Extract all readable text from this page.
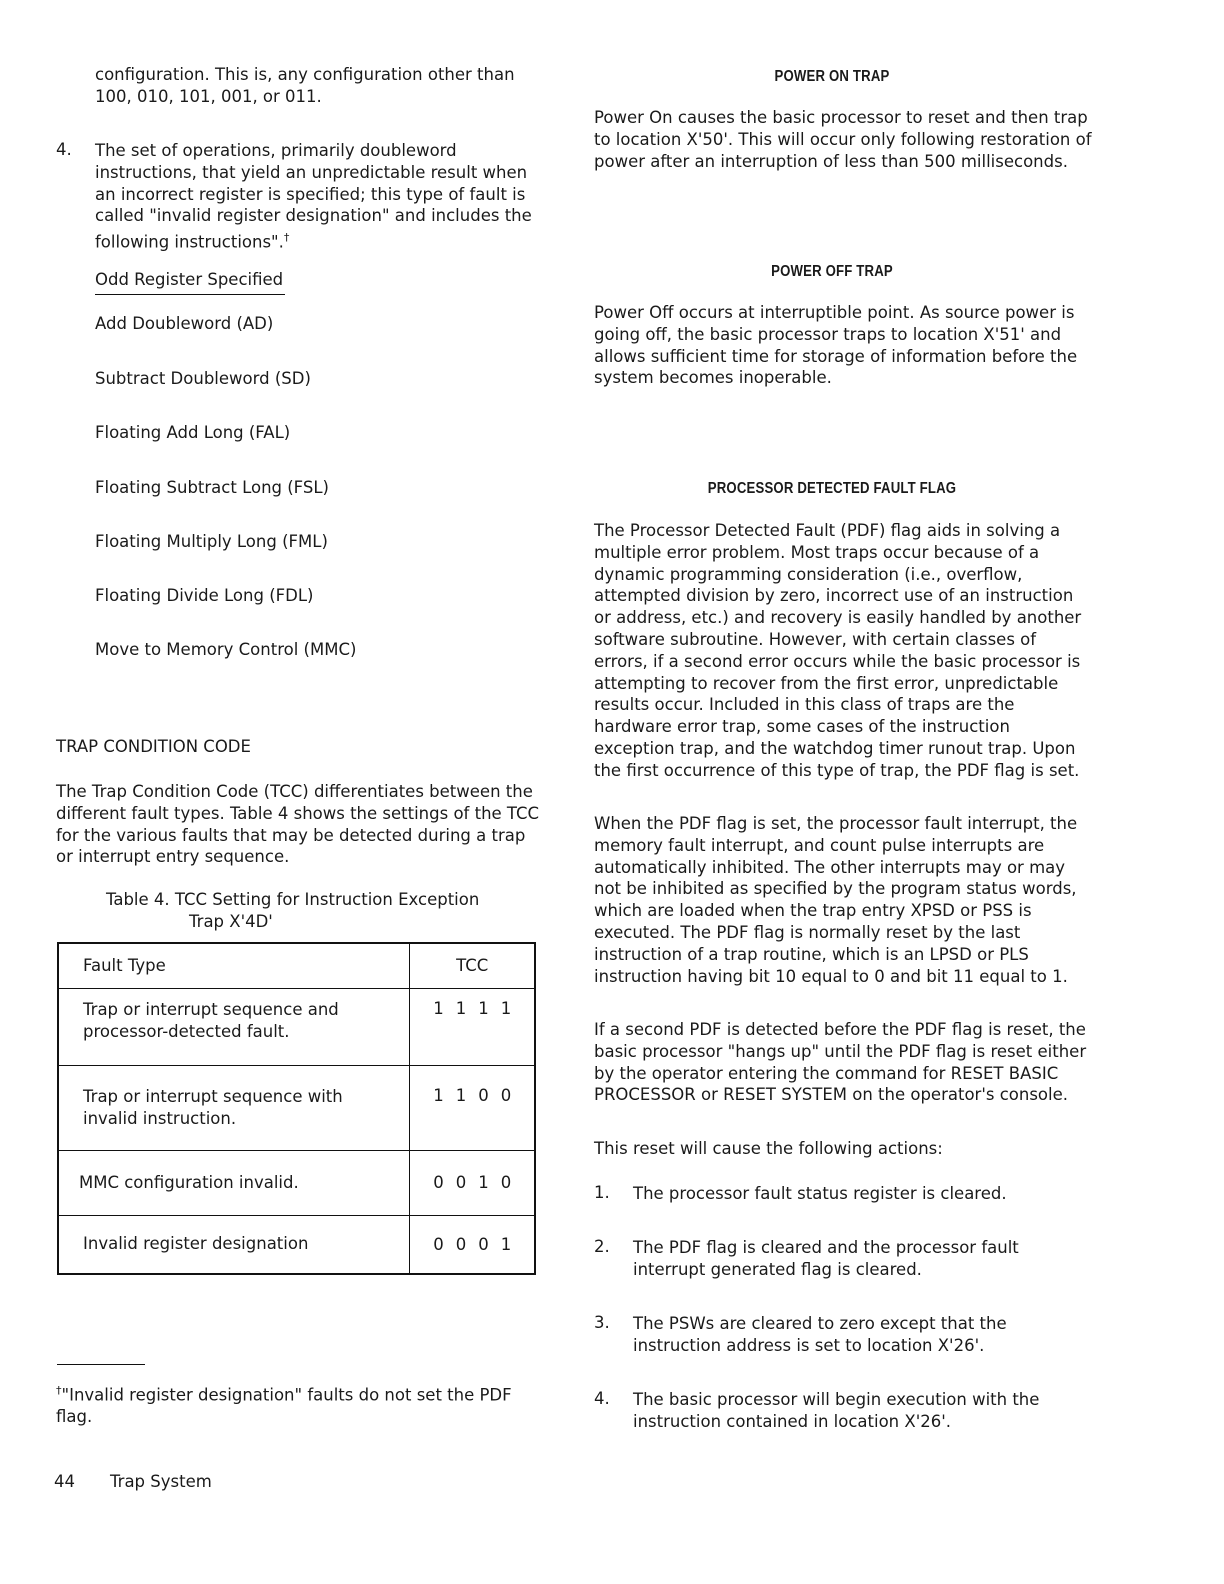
configuration. This is, any configuration other than 100, 010, 101, 001, or 011.
4.	The set of operations, primarily doubleword instructions, that yield an unpredictable result when an incorrect register is specified; this type of fault is called "invalid register designation" and includes the following instructions".†
Odd Register Specified
Add Doubleword (AD)
Subtract Doubleword (SD)
Floating Add Long (FAL)
Floating Subtract Long (FSL)
Floating Multiply Long (FML)
Floating Divide Long (FDL)
Move to Memory Control (MMC)
TRAP CONDITION CODE
The Trap Condition Code (TCC) differentiates between the different fault types. Table 4 shows the settings of the TCC for the various faults that may be detected during a trap or interrupt entry sequence.
Table 4. TCC Setting for Instruction Exception
Trap X'4D'
Fault Type	TCC

Trap or interrupt sequence and processor-detected fault.	1111

Trap or interrupt sequence with invalid instruction.	1100

MMC configuration invalid.	0010

Invalid register designation	0001
†"Invalid register designation" faults do not set the PDF flag.
POWER ON TRAP
Power On causes the basic processor to reset and then trap to location X'50'. This will occur only following restoration of power after an interruption of less than 500 milliseconds.
POWER OFF TRAP
Power Off occurs at interruptible point. As source power is going off, the basic processor traps to location X'51' and allows sufficient time for storage of information before the system becomes inoperable.
PROCESSOR DETECTED FAULT FLAG
The Processor Detected Fault (PDF) flag aids in solving a multiple error problem. Most traps occur because of a dynamic programming consideration (i.e., overflow, attempted division by zero, incorrect use of an instruction or address, etc.) and recovery is easily handled by another software subroutine. However, with certain classes of errors, if a second error occurs while the basic processor is attempting to recover from the first error, unpredictable results occur. Included in this class of traps are the hardware error trap, some cases of the instruction exception trap, and the watchdog timer runout trap. Upon the first occurrence of this type of trap, the PDF flag is set.
When the PDF flag is set, the processor fault interrupt, the memory fault interrupt, and count pulse interrupts are automatically inhibited. The other interrupts may or may not be inhibited as specified by the program status words, which are loaded when the trap entry XPSD or PSS is executed. The PDF flag is normally reset by the last instruction of a trap routine, which is an LPSD or PLS instruction having bit 10 equal to 0 and bit 11 equal to 1.
If a second PDF is detected before the PDF flag is reset, the basic processor "hangs up" until the PDF flag is reset either by the operator entering the command for RESET BASIC PROCESSOR or RESET SYSTEM on the operator's console.
This reset will cause the following actions:
1.	The processor fault status register is cleared.
2.	The PDF flag is cleared and the processor fault interrupt generated flag is cleared.
3.	The PSWs are cleared to zero except that the instruction address is set to location X'26'.
4.	The basic processor will begin execution with the instruction contained in location X'26'.
44 Trap System
